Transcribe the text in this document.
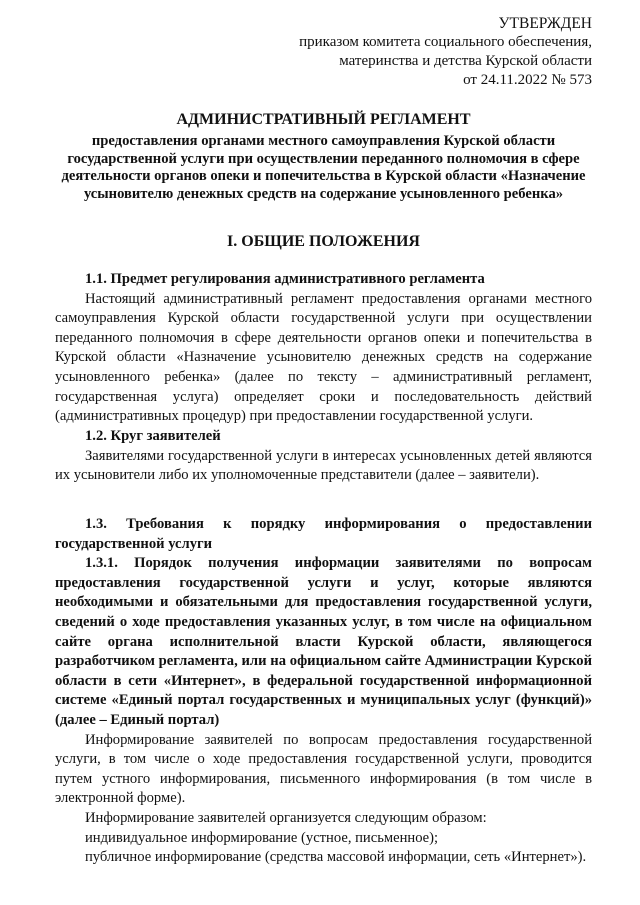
УТВЕРЖДЕН
приказом комитета социального обеспечения,
материнства и детства Курской области
от 24.11.2022 № 573
АДМИНИСТРАТИВНЫЙ РЕГЛАМЕНТ
предоставления органами местного самоуправления Курской области государственной услуги при осуществлении переданного полномочия в сфере деятельности органов опеки и попечительства в Курской области «Назначение усыновителю денежных средств на содержание усыновленного ребенка»
I. ОБЩИЕ ПОЛОЖЕНИЯ

1.1. Предмет регулирования административного регламента

Настоящий административный регламент предоставления органами местного самоуправления Курской области государственной услуги при осуществлении переданного полномочия в сфере деятельности органов опеки и попечительства в Курской области «Назначение усыновителю денежных средств на содержание усыновленного ребенка» (далее по тексту – административный регламент, государственная услуга) определяет сроки и последовательность действий (административных процедур) при предоставлении государственной услуги.

1.2. Круг заявителей

Заявителями государственной услуги в интересах усыновленных детей являются их усыновители либо их уполномоченные представители (далее – заявители).

1.3. Требования к порядку информирования о предоставлении государственной услуги

1.3.1. Порядок получения информации заявителями по вопросам предоставления государственной услуги и услуг, которые являются необходимыми и обязательными для предоставления государственной услуги, сведений о ходе предоставления указанных услуг, в том числе на официальном сайте органа исполнительной власти Курской области, являющегося разработчиком регламента, или на официальном сайте Администрации Курской области в сети «Интернет», в федеральной государственной информационной системе «Единый портал государственных и муниципальных услуг (функций)» (далее – Единый портал)

Информирование заявителей по вопросам предоставления государственной услуги, в том числе о ходе предоставления государственной услуги, проводится путем устного информирования, письменного информирования (в том числе в электронной форме).

Информирование заявителей организуется следующим образом:

индивидуальное информирование (устное, письменное);

публичное информирование (средства массовой информации, сеть «Интернет»).
